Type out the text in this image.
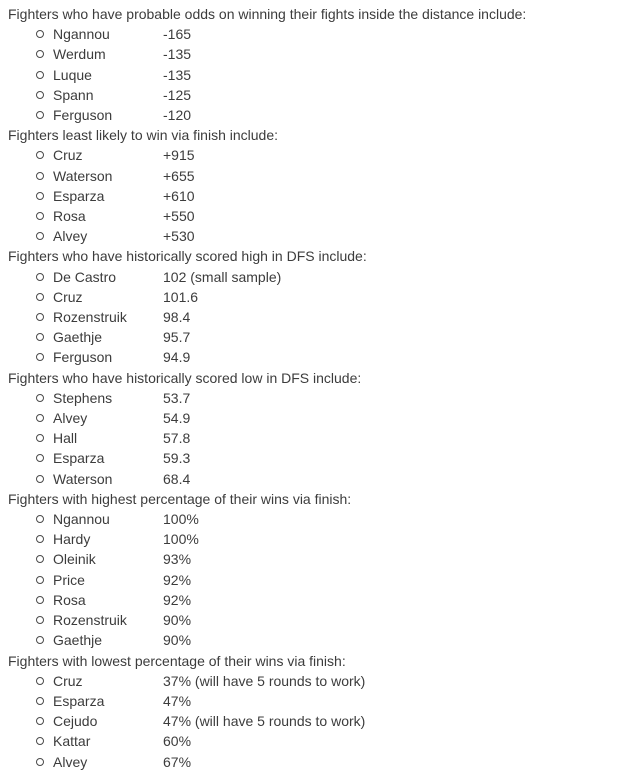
Fighters who have probable odds on winning their fights inside the distance include:
Ngannou	-165
Werdum	-135
Luque	-135
Spann	-125
Ferguson	-120
Fighters least likely to win via finish include:
Cruz	+915
Waterson	+655
Esparza	+610
Rosa	+550
Alvey	+530
Fighters who have historically scored high in DFS include:
De Castro	102 (small sample)
Cruz	101.6
Rozenstruik	98.4
Gaethje	95.7
Ferguson	94.9
Fighters who have historically scored low in DFS include:
Stephens	53.7
Alvey	54.9
Hall	57.8
Esparza	59.3
Waterson	68.4
Fighters with highest percentage of their wins via finish:
Ngannou	100%
Hardy	100%
Oleinik	93%
Price	92%
Rosa	92%
Rozenstruik	90%
Gaethje	90%
Fighters with lowest percentage of their wins via finish:
Cruz	37% (will have 5 rounds to work)
Esparza	47%
Cejudo	47% (will have 5 rounds to work)
Kattar	60%
Alvey	67%
